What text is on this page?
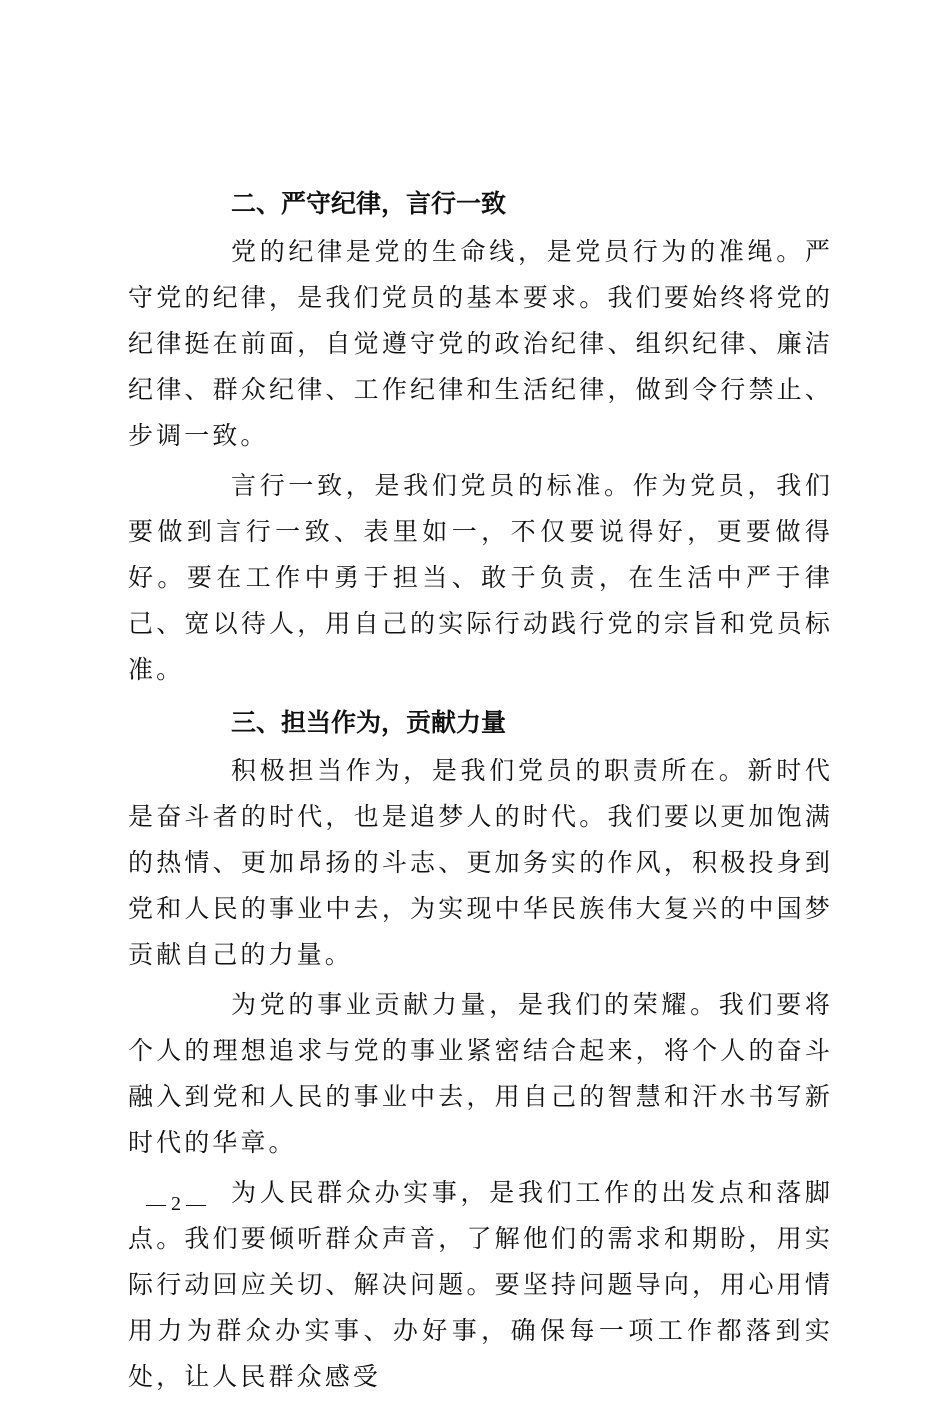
二、严守纪律，言行一致

党的纪律是党的生命线，是党员行为的准绳。严守党的纪律，是我们党员的基本要求。我们要始终将党的纪律挺在前面，自觉遵守党的政治纪律、组织纪律、廉洁纪律、群众纪律、工作纪律和生活纪律，做到令行禁止、步调一致。

言行一致，是我们党员的标准。作为党员，我们要做到言行一致、表里如一，不仅要说得好，更要做得好。要在工作中勇于担当、敢于负责，在生活中严于律己、宽以待人，用自己的实际行动践行党的宗旨和党员标准。

三、担当作为，贡献力量

积极担当作为，是我们党员的职责所在。新时代是奋斗者的时代，也是追梦人的时代。我们要以更加饱满的热情、更加昂扬的斗志、更加务实的作风，积极投身到党和人民的事业中去，为实现中华民族伟大复兴的中国梦贡献自己的力量。

为党的事业贡献力量，是我们的荣耀。我们要将个人的理想追求与党的事业紧密结合起来，将个人的奋斗融入到党和人民的事业中去，用自己的智慧和汗水书写新时代的华章。

为人民群众办实事，是我们工作的出发点和落脚点。我们要倾听群众声音，了解他们的需求和期盼，用实际行动回应关切、解决问题。要坚持问题导向，用心用情用力为群众办实事、办好事，确保每一项工作都落到实处，让人民群众感受

— 2 —
